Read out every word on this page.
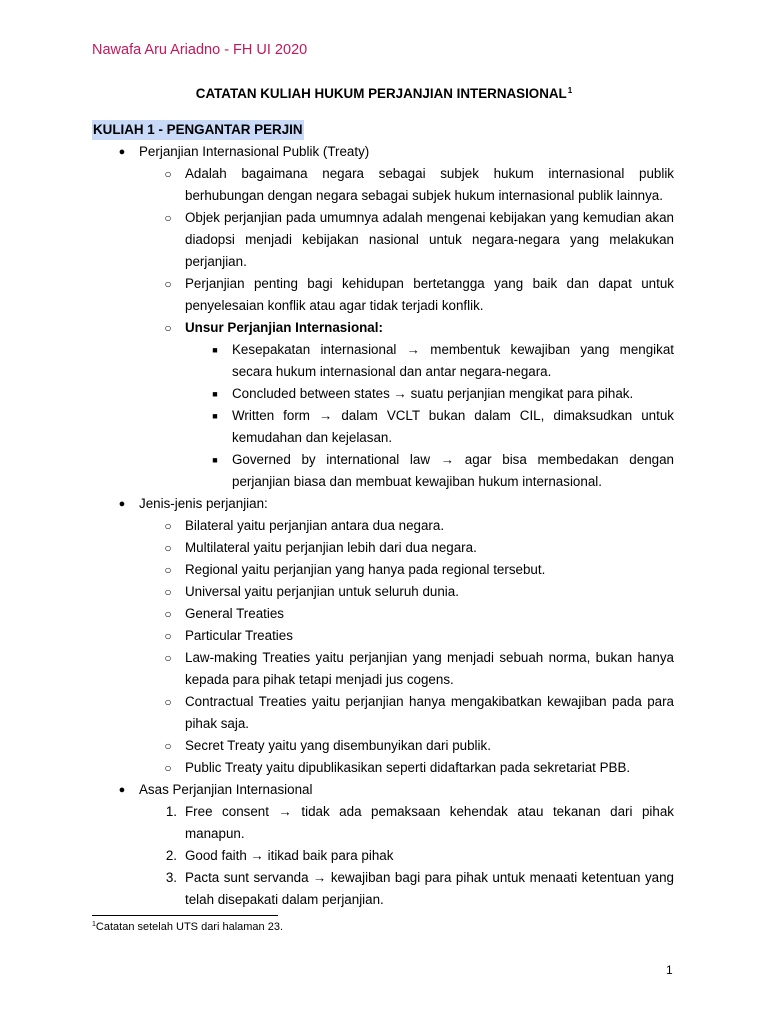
Nawafa Aru Ariadno - FH UI 2020
CATATAN KULIAH HUKUM PERJANJIAN INTERNASIONAL$^1$
KULIAH 1 - PENGANTAR PERJIN
●	Perjanjian Internasional Publik (Treaty)
○ Adalah bagaimana negara sebagai subjek hukum internasional publik berhubungan dengan negara sebagai subjek hukum internasional publik lainnya.
○ Objek perjanjian pada umumnya adalah mengenai kebijakan yang kemudian akan diadopsi menjadi kebijakan nasional untuk negara-negara yang melakukan perjanjian.
○ Perjanjian penting bagi kehidupan bertetangga yang baik dan dapat untuk penyelesaian konflik atau agar tidak terjadi konflik.
○ Unsur Perjanjian Internasional:
■	Kesepakatan internasional → membentuk kewajiban yang mengikat secara hukum internasional dan antar negara-negara.
■	Concluded between states → suatu perjanjian mengikat para pihak.
■	Written form → dalam VCLT bukan dalam CIL, dimaksudkan untuk kemudahan dan kejelasan.
■	Governed by international law → agar bisa membedakan dengan perjanjian biasa dan membuat kewajiban hukum internasional.
●	Jenis-jenis perjanjian:
○ Bilateral yaitu perjanjian antara dua negara.
○ Multilateral yaitu perjanjian lebih dari dua negara.
○ Regional yaitu perjanjian yang hanya pada regional tersebut.
○ Universal yaitu perjanjian untuk seluruh dunia.
○ General Treaties
○ Particular Treaties
○ Law-making Treaties yaitu perjanjian yang menjadi sebuah norma, bukan hanya kepada para pihak tetapi menjadi jus cogens.
○ Contractual Treaties yaitu perjanjian hanya mengakibatkan kewajiban pada para pihak saja.
○ Secret Treaty yaitu yang disembunyikan dari publik.
○ Public Treaty yaitu dipublikasikan seperti didaftarkan pada sekretariat PBB.
●	Asas Perjanjian Internasional
1. Free consent → tidak ada pemaksaan kehendak atau tekanan dari pihak manapun.
2. Good faith → itikad baik para pihak
3. Pacta sunt servanda → kewajiban bagi para pihak untuk menaati ketentuan yang telah disepakati dalam perjanjian.
$^1$Catatan setelah UTS dari halaman 23.
1
